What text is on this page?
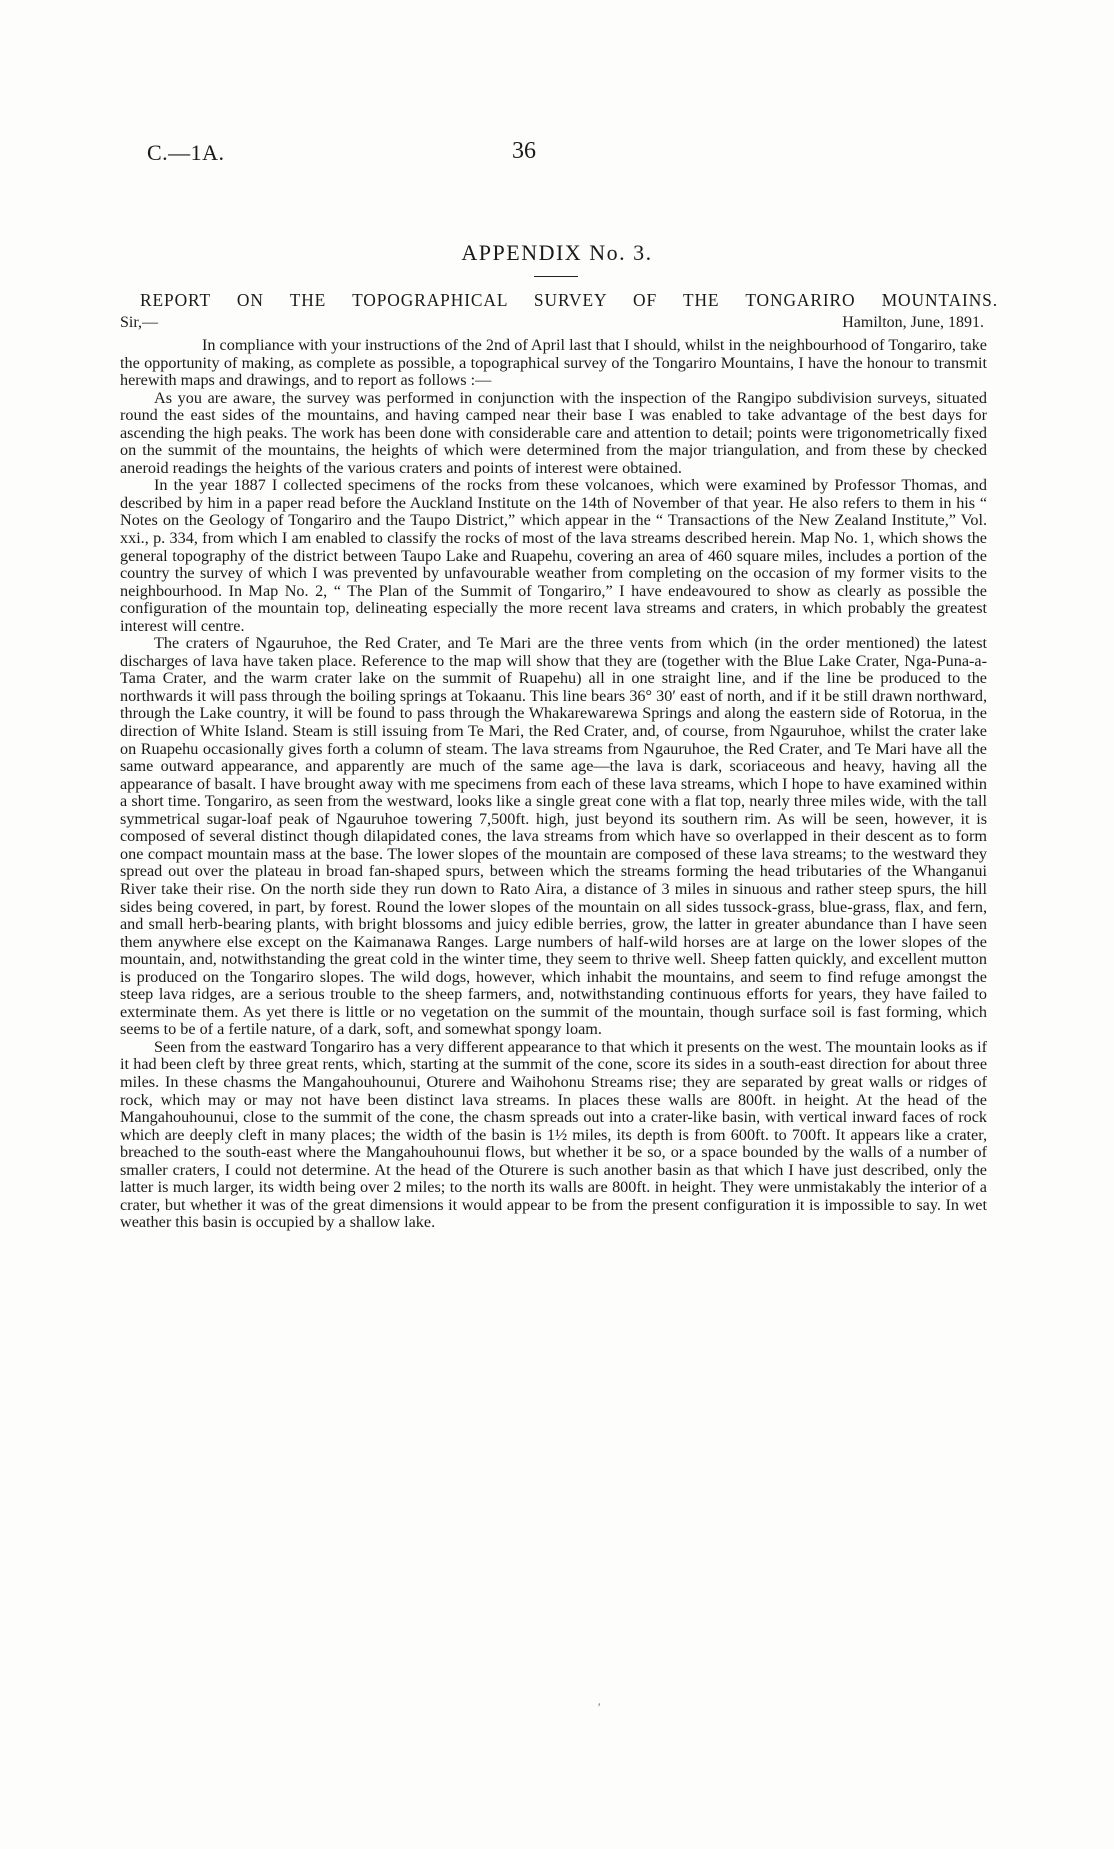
C.—1A.	36
APPENDIX No. 3.
REPORT ON THE TOPOGRAPHICAL SURVEY OF THE TONGARIRO MOUNTAINS.
Sir,—	Hamilton, June, 1891.

In compliance with your instructions of the 2nd of April last that I should, whilst in the neighbourhood of Tongariro, take the opportunity of making, as complete as possible, a topographical survey of the Tongariro Mountains, I have the honour to transmit herewith maps and drawings, and to report as follows :—

As you are aware, the survey was performed in conjunction with the inspection of the Rangipo subdivision surveys, situated round the east sides of the mountains, and having camped near their base I was enabled to take advantage of the best days for ascending the high peaks. The work has been done with considerable care and attention to detail; points were trigonometrically fixed on the summit of the mountains, the heights of which were determined from the major triangulation, and from these by checked aneroid readings the heights of the various craters and points of interest were obtained.

In the year 1887 I collected specimens of the rocks from these volcanoes, which were examined by Professor Thomas, and described by him in a paper read before the Auckland Institute on the 14th of November of that year. He also refers to them in his “ Notes on the Geology of Tongariro and the Taupo District,” which appear in the “ Transactions of the New Zealand Institute,” Vol. xxi., p. 334, from which I am enabled to classify the rocks of most of the lava streams described herein. Map No. 1, which shows the general topography of the district between Taupo Lake and Ruapehu, covering an area of 460 square miles, includes a portion of the country the survey of which I was prevented by unfavourable weather from completing on the occasion of my former visits to the neighbourhood. In Map No. 2, “ The Plan of the Summit of Tongariro,” I have endeavoured to show as clearly as possible the configuration of the mountain top, delineating especially the more recent lava streams and craters, in which probably the greatest interest will centre.

The craters of Ngauruhoe, the Red Crater, and Te Mari are the three vents from which (in the order mentioned) the latest discharges of lava have taken place. Reference to the map will show that they are (together with the Blue Lake Crater, Nga-Puna-a-Tama Crater, and the warm crater lake on the summit of Ruapehu) all in one straight line, and if the line be produced to the northwards it will pass through the boiling springs at Tokaanu. This line bears 36° 30′ east of north, and if it be still drawn northward, through the Lake country, it will be found to pass through the Whakarewarewa Springs and along the eastern side of Rotorua, in the direction of White Island. Steam is still issuing from Te Mari, the Red Crater, and, of course, from Ngauruhoe, whilst the crater lake on Ruapehu occasionally gives forth a column of steam. The lava streams from Ngauruhoe, the Red Crater, and Te Mari have all the same outward appearance, and apparently are much of the same age—the lava is dark, scoriaceous and heavy, having all the appearance of basalt. I have brought away with me specimens from each of these lava streams, which I hope to have examined within a short time. Tongariro, as seen from the westward, looks like a single great cone with a flat top, nearly three miles wide, with the tall symmetrical sugar-loaf peak of Ngauruhoe towering 7,500ft. high, just beyond its southern rim. As will be seen, however, it is composed of several distinct though dilapidated cones, the lava streams from which have so overlapped in their descent as to form one compact mountain mass at the base. The lower slopes of the mountain are composed of these lava streams; to the westward they spread out over the plateau in broad fan-shaped spurs, between which the streams forming the head tributaries of the Whanganui River take their rise. On the north side they run down to Rato Aira, a distance of 3 miles in sinuous and rather steep spurs, the hill sides being covered, in part, by forest. Round the lower slopes of the mountain on all sides tussock-grass, blue-grass, flax, and fern, and small herb-bearing plants, with bright blossoms and juicy edible berries, grow, the latter in greater abundance than I have seen them anywhere else except on the Kaimanawa Ranges. Large numbers of half-wild horses are at large on the lower slopes of the mountain, and, notwithstanding the great cold in the winter time, they seem to thrive well. Sheep fatten quickly, and excellent mutton is produced on the Tongariro slopes. The wild dogs, however, which inhabit the mountains, and seem to find refuge amongst the steep lava ridges, are a serious trouble to the sheep farmers, and, notwithstanding continuous efforts for years, they have failed to exterminate them. As yet there is little or no vegetation on the summit of the mountain, though surface soil is fast forming, which seems to be of a fertile nature, of a dark, soft, and somewhat spongy loam.

Seen from the eastward Tongariro has a very different appearance to that which it presents on the west. The mountain looks as if it had been cleft by three great rents, which, starting at the summit of the cone, score its sides in a south-east direction for about three miles. In these chasms the Mangahouhounui, Oturere and Waihohonu Streams rise; they are separated by great walls or ridges of rock, which may or may not have been distinct lava streams. In places these walls are 800ft. in height. At the head of the Mangahouhounui, close to the summit of the cone, the chasm spreads out into a crater-like basin, with vertical inward faces of rock which are deeply cleft in many places; the width of the basin is 1½ miles, its depth is from 600ft. to 700ft. It appears like a crater, breached to the south-east where the Mangahouhounui flows, but whether it be so, or a space bounded by the walls of a number of smaller craters, I could not determine. At the head of the Oturere is such another basin as that which I have just described, only the latter is much larger, its width being over 2 miles; to the north its walls are 800ft. in height. They were unmistakably the interior of a crater, but whether it was of the great dimensions it would appear to be from the present configuration it is impossible to say. In wet weather this basin is occupied by a shallow lake.

′
